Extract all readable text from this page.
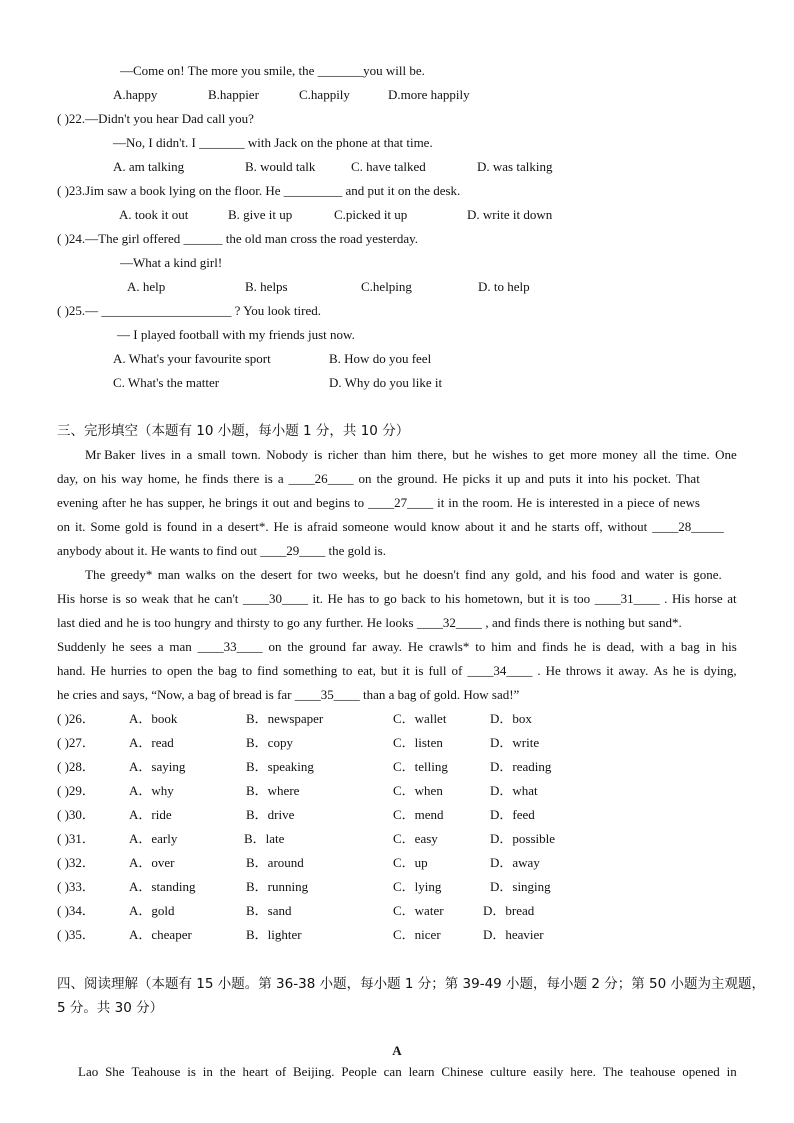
—Come on! The more you smile, the _______you will be.
A.happy	B.happier	C.happily	D.more happily
( )22.—Didn't you hear Dad call you?
—No, I didn't. I _______ with Jack on the phone at that time.
A. am talking	B. would talk	C. have talked	D. was talking
( )23.Jim saw a book lying on the floor. He _________ and put it on the desk.
A. took it out	B. give it up	C.picked it up	D. write it down
( )24.—The girl offered ______ the old man cross the road yesterday.
—What a kind girl!
A. help	B. helps	C.helping	D. to help
( )25.— ____________________ ? You look tired.
— I played football with my friends just now.
A. What's your favourite sport	B. How do you feel
C. What's the matter	D. Why do you like it
三、完形填空（本题有 10 小题，每小题 1 分，共 10 分）
Mr Baker lives in a small town. Nobody is richer than him there, but he wishes to get more money all the time. One
day, on his way home, he finds there is a ____26____ on the ground. He picks it up and puts it into his pocket. That
evening after he has supper, he brings it out and begins to ____27____ it in the room. He is interested in a piece of news
on it. Some gold is found in a desert*. He is afraid someone would know about it and he starts off, without ____28_____
anybody about it. He wants to find out ____29____ the gold is.
The greedy* man walks on the desert for two weeks, but he doesn't find any gold, and his food and water is gone.
His horse is so weak that he can't ____30____ it. He has to go back to his hometown, but it is too ____31____ . His horse at
last died and he is too hungry and thirsty to go any further. He looks ____32____ , and finds there is nothing but sand*.
Suddenly he sees a man ____33____ on the ground far away. He crawls* to him and finds he is dead, with a bag in his
hand. He hurries to open the bag to find something to eat, but it is full of ____34____ . He throws it away. As he is dying,
he cries and says, “Now, a bag of bread is far ____35____ than a bag of gold. How sad!”
( )26．	A．book	B．newspaper	C．wallet	D．box
( )27．	A．read	B．copy	C．listen	D．write
( )28．	A．saying	B．speaking	C．telling	D．reading
( )29．	A．why	B．where	C．when	D．what
( )30．	A．ride	B．drive	C．mend	D．feed
( )31．	A．early	B．late	C．easy	D．possible
( )32．	A．over	B．around	C．up	D．away
( )33．	A．standing	B．running	C．lying	D．singing
( )34．	A．gold	B．sand	C．water	D．bread
( )35．	A．cheaper	B．lighter	C．nicer	D．heavier
四、阅读理解（本题有 15 小题。第 36-38 小题，每小题 1 分；第 39-49 小题，每小题 2 分；第 50 小题为主观题，
5 分。共 30 分）
A
Lao She Teahouse is in the heart of Beijing. People can learn Chinese culture easily here. The teahouse opened in
